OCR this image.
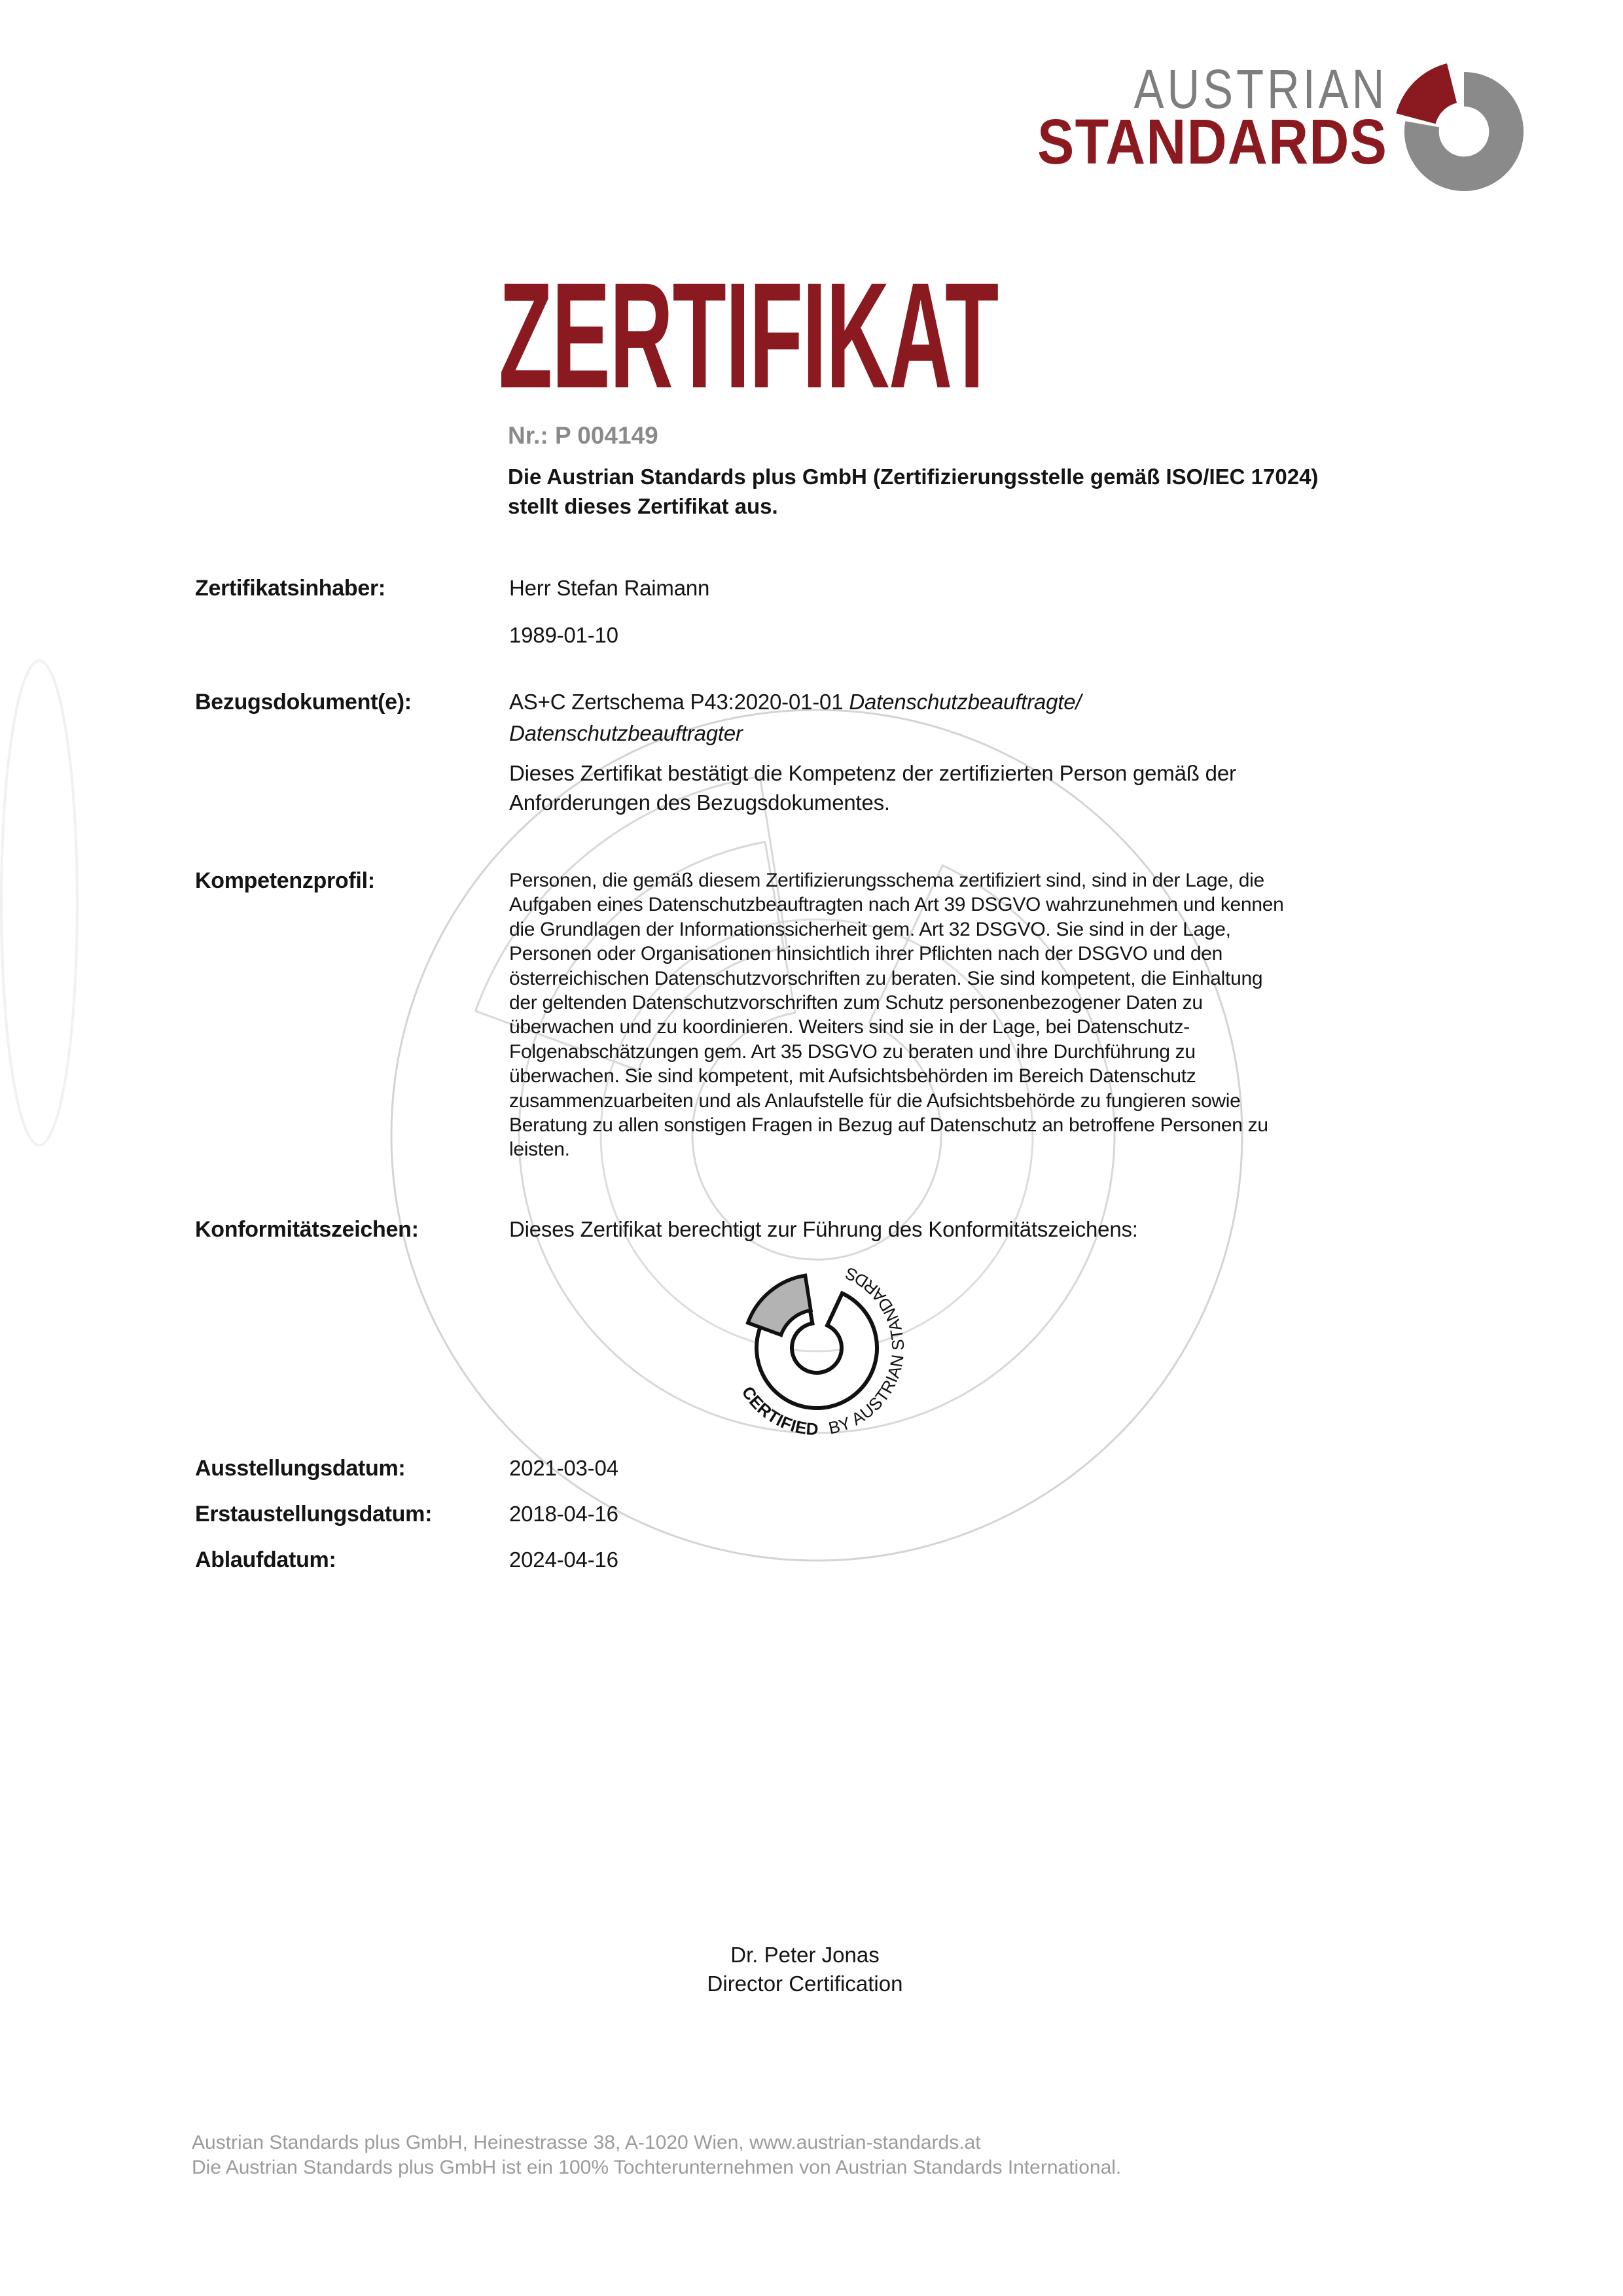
AUSTRIAN
STANDARDS
ZERTIFIKAT
Nr.: P 004149
Die Austrian Standards plus GmbH (Zertifizierungsstelle gemäß ISO/IEC 17024)
stellt dieses Zertifikat aus.
Zertifikatsinhaber:	Herr Stefan Raimann
1989-01-10
Bezugsdokument(e):	AS+C Zertschema P43:2020-01-01 Datenschutzbeauftragte/
Datenschutzbeauftragter
Dieses Zertifikat bestätigt die Kompetenz der zertifizierten Person gemäß der
Anforderungen des Bezugsdokumentes.
Kompetenzprofil:	Personen, die gemäß diesem Zertifizierungsschema zertifiziert sind, sind in der Lage, die Aufgaben eines Datenschutzbeauftragten nach Art 39 DSGVO wahrzunehmen und kennen die Grundlagen der Informationssicherheit gem. Art 32 DSGVO. Sie sind in der Lage, Personen oder Organisationen hinsichtlich ihrer Pflichten nach der DSGVO und den österreichischen Datenschutzvorschriften zu beraten. Sie sind kompetent, die Einhaltung der geltenden Datenschutzvorschriften zum Schutz personenbezogener Daten zu überwachen und zu koordinieren. Weiters sind sie in der Lage, bei Datenschutz-Folgenabschätzungen gem. Art 35 DSGVO zu beraten und ihre Durchführung zu überwachen. Sie sind kompetent, mit Aufsichtsbehörden im Bereich Datenschutz zusammenzuarbeiten und als Anlaufstelle für die Aufsichtsbehörde zu fungieren sowie Beratung zu allen sonstigen Fragen in Bezug auf Datenschutz an betroffene Personen zu leisten.
Konformitätszeichen:	Dieses Zertifikat berechtigt zur Führung des Konformitätszeichens:
CERTIFIED BY AUSTRIAN STANDARDS
Ausstellungsdatum:	2021-03-04
Erstaustellungsdatum:	2018-04-16
Ablaufdatum:	2024-04-16
Dr. Peter Jonas
Director Certification
Austrian Standards plus GmbH, Heinestrasse 38, A-1020 Wien, www.austrian-standards.at
Die Austrian Standards plus GmbH ist ein 100% Tochterunternehmen von Austrian Standards International.
